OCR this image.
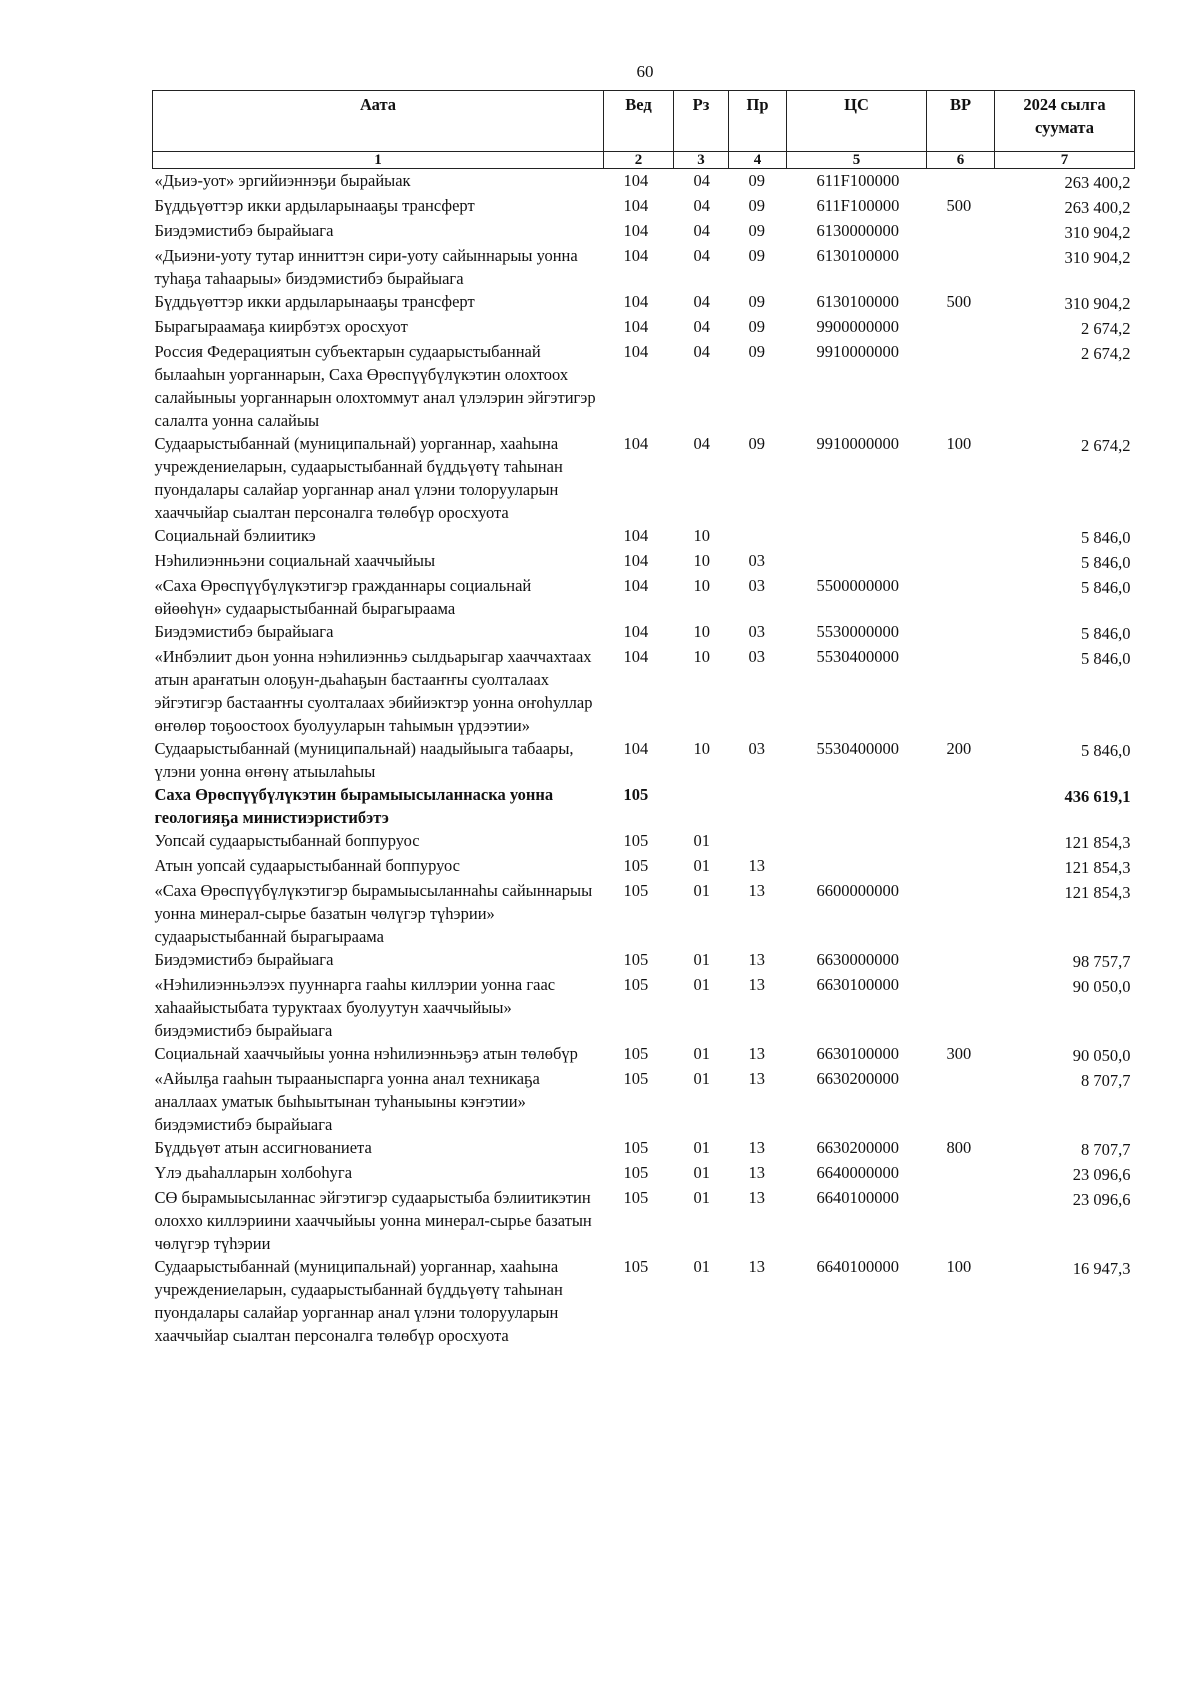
60
Аата	Вед	Рз	Пр	ЦС	ВР	2024 сылга суумата
1	2	3	4	5	6	7
«Дьиэ-уот» эргийиэннэҕи бырайыак	104	04	09	611F100000		263 400,2
Бүддьүөттэр икки ардыларынааҕы трансферт	104	04	09	611F100000	500	263 400,2
Биэдэмистибэ бырайыага	104	04	09	6130000000		310 904,2
«Дьиэни-уоту тутар инниттэн сири-уоту сайыннарыы уонна туһаҕа таһаарыы» биэдэмистибэ бырайыага	104	04	09	6130100000		310 904,2
Бүддьүөттэр икки ардыларынааҕы трансферт	104	04	09	6130100000	500	310 904,2
Бырагыраамаҕа киирбэтэх оросхуот	104	04	09	9900000000		2 674,2
Россия Федерациятын субъектарын судаарыстыбаннай былааһын уорганнарын, Саха Өрөспүүбүлүкэтин олохтоох салайыныы уорганнарын олохтоммут анал үлэлэрин эйгэтигэр салалта уонна салайыы	104	04	09	9910000000		2 674,2
Судаарыстыбаннай (муниципальнай) уорганнар, хааһына учреждениеларын, судаарыстыбаннай бүддьүөтү таһынан пуондалары салайар уорганнар анал үлэни толорууларын хааччыйар сыалтан персоналга төлөбүр оросхуота	104	04	09	9910000000	100	2 674,2
Социальнай бэлиитикэ	104	10				5 846,0
Нэһилиэнньэни социальнай хааччыйыы	104	10	03			5 846,0
«Саха Өрөспүүбүлүкэтигэр гражданнары социальнай өйөөһүн» судаарыстыбаннай бырагыраама	104	10	03	5500000000		5 846,0
Биэдэмистибэ бырайыага	104	10	03	5530000000		5 846,0
«Инбэлиит дьон уонна нэһилиэнньэ сылдьарыгар хааччахтаах атын араҥатын олоҕун-дьаһаҕын бастааҥҥы суолталаах эйгэтигэр бастааҥҥы суолталаах эбийиэктэр уонна оҥоһуллар өҥөлөр тоҕоостоох буолууларын таһымын үрдээтии»	104	10	03	5530400000		5 846,0
Судаарыстыбаннай (муниципальнай) наадыйыыга табаары, үлэни уонна өҥөнү атыылаһыы	104	10	03	5530400000	200	5 846,0
Саха Өрөспүүбүлүкэтин бырамыысыланнаска уонна геологияҕа министиэристибэтэ	105					436 619,1
Уопсай судаарыстыбаннай боппуруос	105	01				121 854,3
Атын уопсай судаарыстыбаннай боппуруос	105	01	13			121 854,3
«Саха Өрөспүүбүлүкэтигэр бырамыысыланнаһы сайыннарыы уонна минерал-сырье базатын чөлүгэр түһэрии» судаарыстыбаннай бырагыраама	105	01	13	6600000000		121 854,3
Биэдэмистибэ бырайыага	105	01	13	6630000000		98 757,7
«Нэһилиэнньэлээх пууннарга гааһы киллэрии уонна гаас хаһаайыстыбата туруктаах буолуутун хааччыйыы» биэдэмистибэ бырайыага	105	01	13	6630100000		90 050,0
Социальнай хааччыйыы уонна нэһилиэнньэҕэ атын төлөбүр	105	01	13	6630100000	300	90 050,0
«Айылҕа гааһын тырааныспарга уонна анал техникаҕа аналлаах уматык быһыытынан туһаныыны кэҥэтии» биэдэмистибэ бырайыага	105	01	13	6630200000		8 707,7
Бүддьүөт атын ассигнованиета	105	01	13	6630200000	800	8 707,7
Үлэ дьаһалларын холбоһуга	105	01	13	6640000000		23 096,6
СӨ бырамыысыланнас эйгэтигэр судаарыстыба бэлиитикэтин олоххо киллэриини хааччыйыы уонна минерал-сырье базатын чөлүгэр түһэрии	105	01	13	6640100000		23 096,6
Судаарыстыбаннай (муниципальнай) уорганнар, хааһына учреждениеларын, судаарыстыбаннай бүддьүөтү таһынан пуондалары салайар уорганнар анал үлэни толорууларын хааччыйар сыалтан персоналга төлөбүр оросхуота	105	01	13	6640100000	100	16 947,3
